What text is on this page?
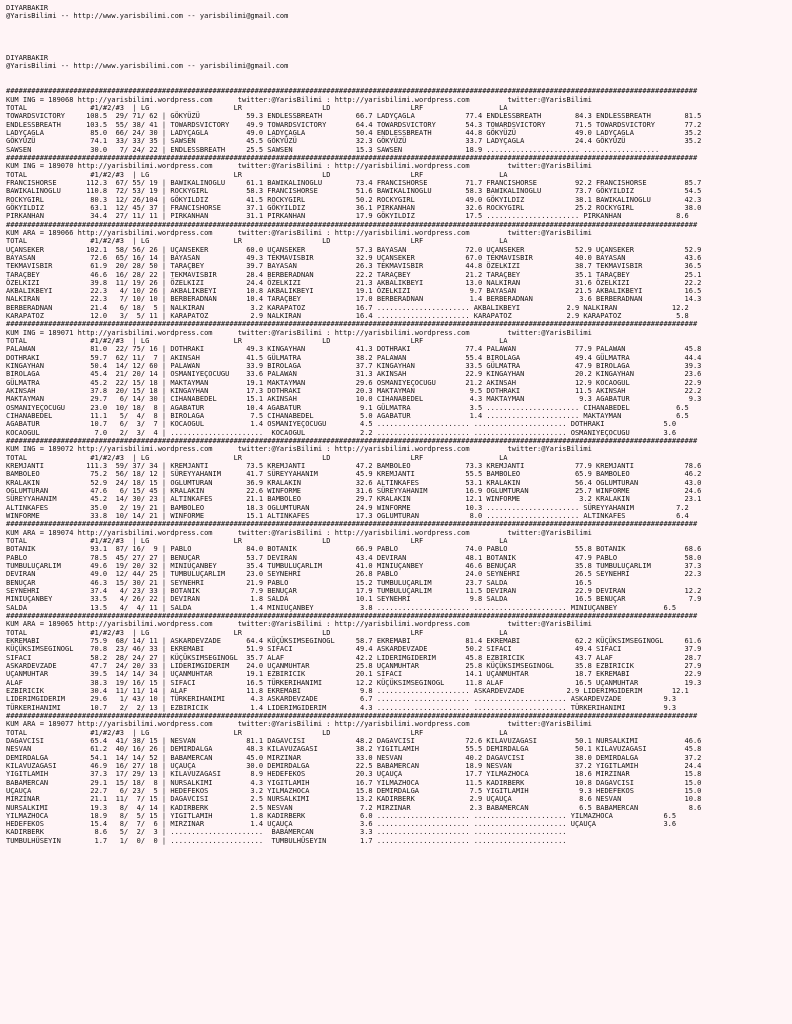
DIYARBAKIR
@YarisBilimi -- http://www.yarisbilimi.com -- yarisbilimi@gmail.com

DIYARBAKIR
@YarisBilimi -- http://www.yarisbilimi.com -- yarisbilimi@gmail.com

####################################################################################################################################################################
KUM ING = 189068 http://yarisbilimi.wordpress.com      twitter:@YarisBilimi : http://yarisbilimi.wordpress.com         twitter:@YarisBilimi
TOTAL               #1/#2/#3  | LG                    LR                   LD                   LRF                  LA
TOWARDSVICTORY     108.5  29/ 71/ 62 | GÖKYÜZÜ           59.3 ENDLESSBREATH        66.7 LADYÇAGLA            77.4 ENDLESSBREATH        84.3 ENDLESSBREATH        81.5
ENDLESSBREATH      103.5  55/ 38/ 41 | TOWARDSVICTORY    49.9 TOWARDSVICTORY       64.4 TOWARDSVICTORY       54.3 TOWARDSVICTORY       71.5 TOWARDSVICTORY       77.2
LADYÇAGLA           85.0  66/ 24/ 30 | LADYÇAGLA         49.0 LADYÇAGLA            50.4 ENDLESSBREATH        44.8 GÖKYÜZÜ              49.0 LADYÇAGLA            35.2
GÖKYÜZÜ             74.1  33/ 33/ 35 | SAWSEN            45.5 GÖKYÜZÜ              32.3 GÖKYÜZÜ              33.7 LADYÇAGLA            24.4 GÖKYÜZÜ              35.2
SAWSEN              30.0   7/ 24/ 22 | ENDLESSBREATH     25.5 SAWSEN               15.3 SAWSEN               18.9 ...................... ..................
####################################################################################################################################################################
KUM ING = 189070 http://yarisbilimi.wordpress.com      twitter:@YarisBilimi : http://yarisbilimi.wordpress.com         twitter:@YarisBilimi
TOTAL               #1/#2/#3  | LG                    LR                   LD                   LRF                  LA
FRANCISHORSE       112.3  67/ 55/ 19 | BAWIKALINOGLU     61.1 BAWIKALINOGLU        73.4 FRANCISHORSE         71.7 FRANCISHORSE         92.2 FRANCISHORSE         85.7
BAWIKALINOGLU      110.8  72/ 53/ 19 | ROCKYGIRL         58.3 FRANCISHORSE         51.6 BAWIKALINOGLU        58.3 BAWIKALINOGLU        73.7 GÖKYILDIZ            54.5
ROCKYGIRL           80.3  12/ 26/104 | GÖKYILDIZ         41.5 ROCKYGIRL            50.2 ROCKYGIRL            49.0 GÖKYILDIZ            38.1 BAWIKALINOGLU        42.3
GÖKYILDIZ           63.1  12/ 45/ 37 | FRANCISHORSE      37.1 GÖKYILDIZ            36.1 PIRKANHAN            32.6 ROCKYGIRL            25.2 ROCKYGIRL            38.0
PIRKANHAN           34.4  27/ 11/ 11 | PIRKANHAN         31.1 PIRKANHAN            17.9 GÖKYILDIZ            17.5 ...................... PIRKANHAN             8.6
####################################################################################################################################################################
KUM ARA = 189066 http://yarisbilimi.wordpress.com      twitter:@YarisBilimi : http://yarisbilimi.wordpress.com         twitter:@YarisBilimi
TOTAL               #1/#2/#3  | LG                    LR                   LD                   LRF                  LA
UÇANSEKER          102.1  58/ 56/ 26 | UÇANSEKER         60.0 UÇANSEKER            57.3 BAYASAN              72.0 UÇANSEKER            52.9 UÇANSEKER            52.9
BAYASAN             72.6  65/ 16/ 14 | BAYASAN           49.3 TEKMAVISBIR          32.9 UÇANSEKER            67.0 TEKMAVISBIR          40.0 BAYASAN              43.6
TEKMAVISBIR         61.9  20/ 28/ 50 | TARAÇBEY          39.7 BAYASAN              26.3 TEKMAVISBIR          44.8 ÖZELKIZI             38.7 TEKMAVISBIR          36.5
TARAÇBEY            46.6  16/ 28/ 22 | TEKMAVISBIR       28.4 BERBERADNAN          22.2 TARAÇBEY             21.2 TARAÇBEY             35.1 TARAÇBEY             25.1
ÖZELKIZI            39.8  11/ 19/ 26 | ÖZELKIZI          24.4 ÖZELKIZI             21.3 AKBALIKBEYI          13.0 NALKIRAN             31.6 ÖZELKIZI             22.2
AKBALIKBEYI         22.3   4/ 10/ 26 | AKBALIKBEYI       10.8 AKBALIKBEYI          19.1 ÖZELKIZI              9.7 BAYASAN              21.5 AKBALIKBEYI          16.5
NALKIRAN            22.3   7/ 10/ 10 | BERBERADNAN       10.4 TARAÇBEY             17.0 BERBERADNAN           1.4 BERBERADNAN           3.6 BERBERADNAN          14.3
BERBERADNAN         21.4   6/ 18/  5 | NALKIRAN           3.2 KARAPATOZ            16.7 ...................... AKBALIKBEYI           2.9 NALKIRAN             12.2
KARAPATOZ           12.0   3/  5/ 11 | KARAPATOZ          2.9 NALKIRAN             16.4 ...................... KARAPATOZ             2.9 KARAPATOZ             5.8
####################################################################################################################################################################
KUM ING = 189071 http://yarisbilimi.wordpress.com      twitter:@YarisBilimi : http://yarisbilimi.wordpress.com         twitter:@YarisBilimi
TOTAL               #1/#2/#3  | LG                    LR                   LD                   LRF                  LA
PALAWAN             81.0  22/ 75/ 16 | DOTHRAKI          49.3 KINGAYHAN            41.3 DOTHRAKI             77.4 PALAWAN              77.9 PALAWAN              45.8
DOTHRAKI            59.7  62/ 11/  7 | AKINSAH           41.5 GÜLMATRA             38.2 PALAWAN              55.4 BIROLAGA             49.4 GÜLMATRA             44.4
KINGAYHAN           50.4  14/ 12/ 60 | PALAWAN           33.9 BIROLAGA             37.7 KINGAYHAN            33.5 GÜLMATRA             47.9 BIROLAGA             39.3
BIROLAGA            45.4  21/ 20/ 14 | OSMANIYEÇOCUGU    33.6 PALAWAN              31.3 AKINSAH              22.9 KINGAYHAN            20.2 KINGAYHAN            23.6
GÜLMATRA            45.2  22/ 15/ 18 | MAKTAYMAN         19.1 MAKTAYMAN            29.6 OSMANIYEÇOCUGU       21.2 AKINSAH              12.9 KOCAOGUL             22.9
AKINSAH             37.8  20/ 15/ 18 | KINGAYHAN         17.3 DOTHRAKI             20.3 MAKTAYMAN             9.5 DOTHRAKI             11.5 AKINSAH              22.2
MAKTAYMAN           29.7   6/ 14/ 30 | CIHANABEDEL       15.1 AKINSAH              10.0 CIHANABEDEL           4.3 MAKTAYMAN             9.3 AGABATUR              9.3
OSMANIYEÇOCUGU      23.0  10/ 18/  8 | AGABATUR          10.4 AGABATUR              9.1 GÜLMATRA              3.5 ...................... CIHANABEDEL           6.5
CIHANABEDEL         11.1   5/  4/  8 | BIROLAGA           7.5 CIHANABEDEL           5.0 AGABATUR              1.4 ...................... MAKTAYMAN             6.5
AGABATUR            10.7   6/  3/  7 | KOCAOGUL           1.4 OSMANIYEÇOCUGU        4.5 ...................... ...................... DOTHRAKI              5.0
KOCAOGUL             7.0   2/  3/  4 | ......................  KOCAOGUL             2.2 ...................... ...................... OSMANIYEÇOCUGU        3.6
####################################################################################################################################################################
KUM ING = 189072 http://yarisbilimi.wordpress.com      twitter:@YarisBilimi : http://yarisbilimi.wordpress.com         twitter:@YarisBilimi
TOTAL               #1/#2/#3  | LG                    LR                   LD                   LRF                  LA
KREMJANTI          111.3  59/ 37/ 34 | KREMJANTI         73.5 KREMJANTI            47.2 BAMBOLEO             73.3 KREMJANTI            77.9 KREMJANTI            78.6
BAMBOLEO            75.2  56/ 18/ 12 | SÜREYYAHANIM      41.7 SÜREYYAHANIM         45.9 KREMJANTI            55.5 BAMBOLEO             65.9 BAMBOLEO             46.2
KRALAKIN            52.9  24/ 18/ 15 | OGLUMTURAN        36.9 KRALAKIN             32.6 ALTINKAFES           53.1 KRALAKIN             56.4 OGLUMTURAN           43.0
OGLUMTURAN          47.6   6/ 15/ 45 | KRALAKIN          22.6 WINFORME             31.6 SÜREYYAHANIM         16.9 OGLUMTURAN           25.7 WINFORME             24.6
SÜREYYAHANIM        45.2  14/ 30/ 23 | ALTINKAFES        21.1 BAMBOLEO             29.7 KRALAKIN             12.1 WINFORME              3.2 KRALAKIN             23.1
ALTINKAFES          35.0   2/ 19/ 21 | BAMBOLEO          18.3 OGLUMTURAN           24.9 WINFORME             10.3 ...................... SÜREYYAHANIM          7.2
WINFORME            33.8  10/ 14/ 21 | WINFORME          15.1 ALTINKAFES           17.3 OGLUMTURAN            8.0 ...................... ALTINKAFES            6.4
####################################################################################################################################################################
KUM ARA = 189074 http://yarisbilimi.wordpress.com      twitter:@YarisBilimi : http://yarisbilimi.wordpress.com         twitter:@YarisBilimi
TOTAL               #1/#2/#3  | LG                    LR                   LD                   LRF                  LA
BOTANIK             93.1  87/ 16/  9 | PABLO             84.0 BOTANIK              66.9 PABLO                74.0 PABLO                55.8 BOTANIK              68.6
PABLO               78.5  45/ 27/ 27 | BENUÇAR           53.7 DEVIRAN              43.4 DEVIRAN              48.1 BOTANIK              47.9 PABLO                58.0
TUMBULUÇARLIM       49.6  19/ 20/ 32 | MINIUÇANBEY       35.4 TUMBULUÇARLIM        41.0 MINIUÇANBEY          46.6 BENUÇAR              35.8 TUMBULUÇARLIM        37.3
DEVIRAN             49.0  12/ 44/ 25 | TUMBULUÇARLIM     23.0 SEYNEHRI             26.8 PABLO                24.0 SEYNEHRI             26.5 SEYNEHRI             22.3
BENUÇAR             46.3  15/ 30/ 21 | SEYNEHRI          21.9 PABLO                15.2 TUMBULUÇARLIM        23.7 SALDA                16.5
SEYNEHRI            37.4   4/ 23/ 33 | BOTANIK            7.9 BENUÇAR              17.9 TUMBULUÇARLIM        11.5 DEVIRAN              22.9 DEVIRAN              12.2
MINIUÇANBEY         33.5   4/ 26/ 22 | DEVIRAN            1.8 SALDA                10.1 SEYNEHRI              9.8 SALDA                16.5 BENUÇAR               7.9
SALDA               13.5   4/  4/ 11 | SALDA              1.4 MINIUÇANBEY           3.8 ...................... ...................... MINIUÇANBEY           6.5
####################################################################################################################################################################
KUM ARA = 189065 http://yarisbilimi.wordpress.com      twitter:@YarisBilimi : http://yarisbilimi.wordpress.com         twitter:@YarisBilimi
TOTAL               #1/#2/#3  | LG                    LR                   LD                   LRF                  LA
EKREMABI            75.9  68/ 14/ 11 | ASKARDEVZADE      64.4 KÜÇÜKSIMSEGINOGL     58.7 EKREMABI             81.4 EKREMABI             62.2 KÜÇÜKSIMSEGINOGL     61.6
KÜÇÜKSIMSEGINOGL    70.8  23/ 46/ 33 | EKREMABI          51.9 SIFACI               49.4 ASKARDEVZADE         50.2 SIFACI               49.4 SIFACI               37.9
SIFACI              58.2  28/ 24/ 27 | KÜÇÜKSIMSEGINOGL  35.7 ALAF                 42.2 LIDERIMGIDERIM       45.8 EZBIRICIK            43.7 ALAF                 28.7
ASKARDEVZADE        47.7  24/ 20/ 33 | LIDERIMGIDERIM    24.0 UÇANMUHTAR           25.8 UÇANMUHTAR           25.8 KÜÇÜKSIMSEGINOGL     35.8 EZBIRICIK            27.9
UÇANMUHTAR          39.5  14/ 14/ 34 | UÇANMUHTAR        19.1 EZBIRICIK            20.1 SIFACI               14.1 UÇANMUHTAR           18.7 EKREMABI             22.9
ALAF                38.3  19/ 16/ 15 | SIFACI            16.5 TÜRKERIHANIMI        12.2 KÜÇÜKSIMSEGINOGL     11.8 ALAF                 16.5 UÇANMUHTAR           19.3
EZBIRICIK           30.4  11/ 11/ 14 | ALAF              11.8 EKREMABI              9.8 ...................... ASKARDEVZADE          2.9 LIDERIMGIDERIM       12.1
LIDERIMGIDERIM      29.6   1/ 43/ 10 | TÜRKERIHANIMI      4.3 ASKARDEVZADE          6.7 ...................... ...................... ASKARDEVZADE          9.3
TÜRKERIHANIMI       10.7   2/  2/ 13 | EZBIRICIK          1.4 LIDERIMGIDERIM        4.3 ...................... ...................... TÜRKERIHANIMI         9.3
####################################################################################################################################################################
KUM ARA = 189077 http://yarisbilimi.wordpress.com      twitter:@YarisBilimi : http://yarisbilimi.wordpress.com         twitter:@YarisBilimi
TOTAL               #1/#2/#3  | LG                    LR                   LD                   LRF                  LA
DAGAVCISI           65.4  41/ 38/ 15 | NESVAN            81.1 DAGAVCISI            48.2 DAGAVCISI            72.6 KILAVUZAGASI         50.1 NURSALKIMI           46.6
NESVAN              61.2  40/ 16/ 26 | DEMIRDALGA        48.3 KILAVUZAGASI         38.2 YIGITLAMIH           55.5 DEMIRDALGA           50.1 KILAVUZAGASI         45.8
DEMIRDALGA          54.1  14/ 14/ 52 | BABAMERCAN        45.0 MIRZINAR             33.0 NESVAN               40.2 DAGAVCISI            38.0 DEMIRDALGA           37.2
KILAVUZAGASI        46.9  16/ 27/ 18 | UÇAUÇA            30.0 DEMIRDALGA           22.5 BABAMERCAN           18.9 NESVAN               37.2 YIGITLAMIH           24.4
YIGITLAMIH          37.3  17/ 29/ 13 | KILAVUZAGASI       8.9 HEDEFEKOS            20.3 UÇAUÇA               17.7 YILMAZHOCA           18.6 MIRZINAR             15.8
BABAMERCAN          29.1  15/ 18/  8 | NURSALKIMI         4.3 YIGITLAMIH           16.7 YILMAZHOCA           11.5 KADIRBERK            10.8 DAGAVCISI            15.0
UÇAUÇA              22.7   6/ 23/  5 | HEDEFEKOS          3.2 YILMAZHOCA           15.8 DEMIRDALGA            7.5 YIGITLAMIH            9.3 HEDEFEKOS            15.0
MIRZINAR            21.1  11/  7/ 15 | DAGAVCISI          2.5 NURSALKIMI           13.2 KADIRBERK             2.9 UÇAUÇA                8.6 NESVAN               10.8
NURSALKIMI          19.3   8/  4/ 14 | KADIRBERK          2.5 NESVAN                7.2 MIRZINAR              2.3 BABAMERCAN            6.5 BABAMERCAN            8.6
YILMAZHOCA          18.9   8/  5/ 15 | YIGITLAMIH         1.8 KADIRBERK             6.0 ...................... ...................... YILMAZHOCA            6.5
HEDEFEKOS           15.4   8/  7/  6 | MIRZINAR           1.4 UÇAUÇA                3.6 ...................... ...................... UÇAUÇA                3.6
KADIRBERK            8.6   5/  2/  3 | ......................  BABAMERCAN           3.3 ...................... ......................
TUMBULHÜSEYIN        1.7   1/  0/  0 | ......................  TUMBULHÜSEYIN        1.7 ...................... ......................
